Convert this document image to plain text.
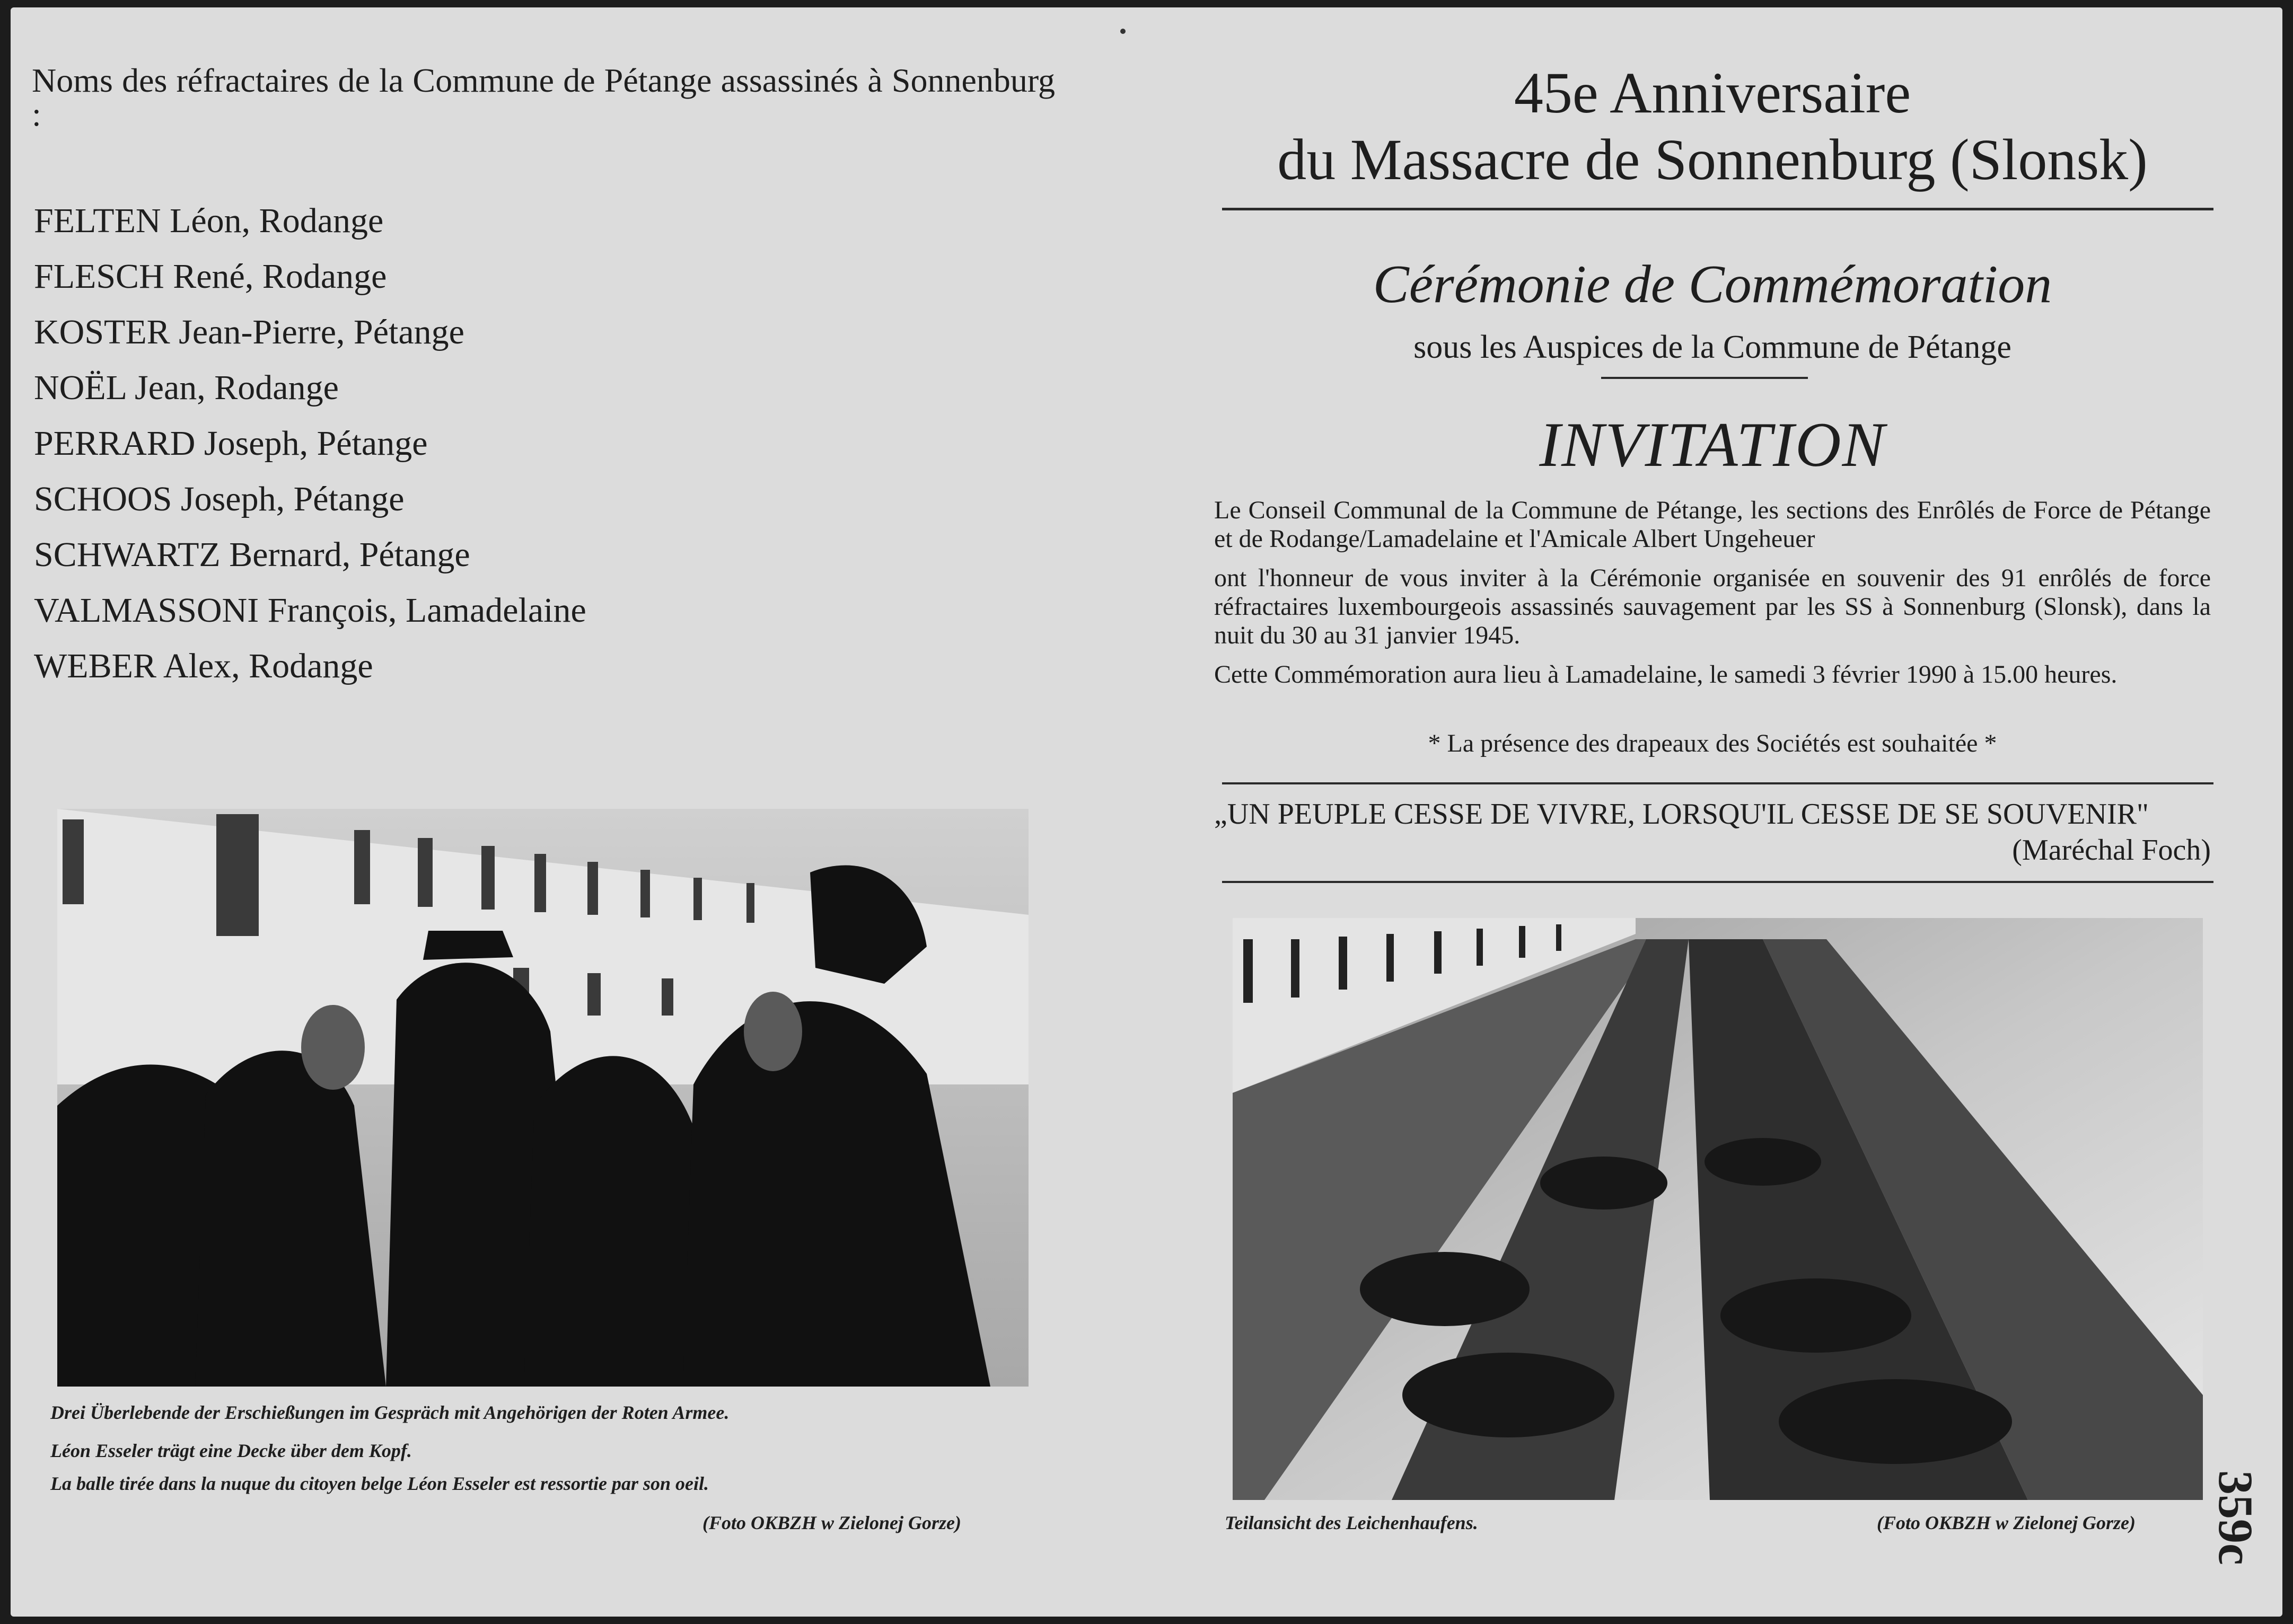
Noms des réfractaires de la Commune de Pétange assassinés à Sonnenburg :
FELTEN Léon, Rodange
FLESCH René, Rodange
KOSTER Jean-Pierre, Pétange
NOËL Jean, Rodange
PERRARD Joseph, Pétange
SCHOOS Joseph, Pétange
SCHWARTZ Bernard, Pétange
VALMASSONI François, Lamadelaine
WEBER Alex, Rodange
Drei Überlebende der Erschießungen im Gespräch mit Angehörigen der Roten Armee.
Léon Esseler trägt eine Decke über dem Kopf.
La balle tirée dans la nuque du citoyen belge Léon Esseler est ressortie par son oeil.
(Foto OKBZH w Zielonej Gorze)
45e Anniversaire
du Massacre de Sonnenburg (Slonsk)
Cérémonie de Commémoration
sous les Auspices de la Commune de Pétange
INVITATION
Le Conseil Communal de la Commune de Pétange, les sections des Enrôlés de Force de Pétange et de Rodange/Lamadelaine et l'Amicale Albert Ungeheuer
ont l'honneur de vous inviter à la Cérémonie organisée en souvenir des 91 enrôlés de force réfractaires luxembourgeois assassinés sauvagement par les SS à Sonnenburg (Slonsk), dans la nuit du 30 au 31 janvier 1945.
Cette Commémoration aura lieu à Lamadelaine, le samedi 3 février 1990 à 15.00 heures.
* La présence des drapeaux des Sociétés est souhaitée *
„UN PEUPLE CESSE DE VIVRE, LORSQU'IL CESSE DE SE SOUVENIR"
(Maréchal Foch)
Teilansicht des Leichenhaufens.	(Foto OKBZH w Zielonej Gorze) 359c
